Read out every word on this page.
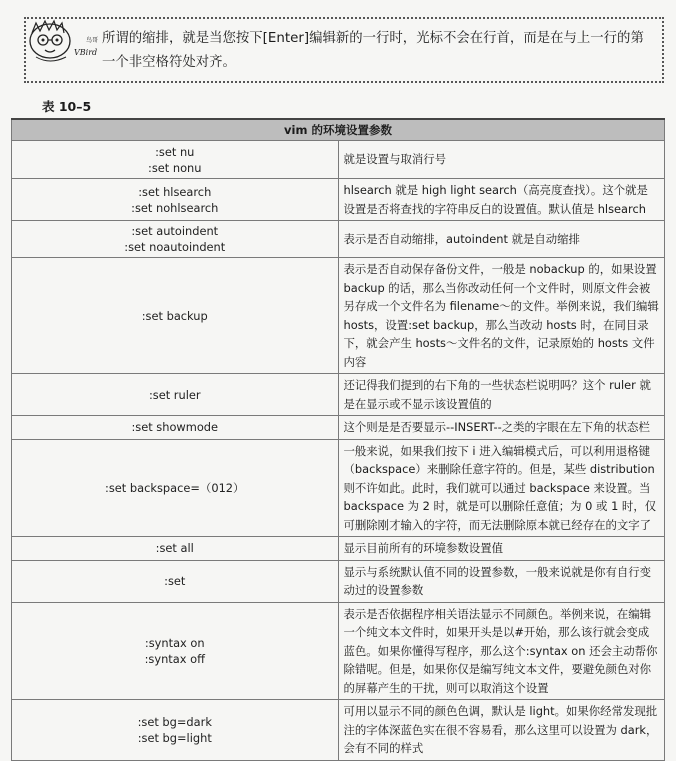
鸟哥
VBird
所谓的缩排，就是当您按下[Enter]编辑新的一行时，光标不会在行首，而是在与上一行的第一个非空格符处对齐。
表 10–5
vim 的环境设置参数	

:set nu
:set nonu	就是设置与取消行号

:set hlsearch
:set nohlsearch	hlsearch 就是 high light search（高亮度查找）。这个就是设置是否将查找的字符串反白的设置值。默认值是 hlsearch

:set autoindent
:set noautoindent	表示是否自动缩排，autoindent 就是自动缩排

:set backup	表示是否自动保存备份文件，一般是 nobackup 的，如果设置 backup 的话，那么当你改动任何一个文件时，则原文件会被另存成一个文件名为 filename～的文件。举例来说，我们编辑 hosts，设置:set backup，那么当改动 hosts 时，在同目录下，就会产生 hosts～文件名的文件，记录原始的 hosts 文件内容

:set ruler	还记得我们提到的右下角的一些状态栏说明吗？这个 ruler 就是在显示或不显示该设置值的

:set showmode	这个则是是否要显示--INSERT--之类的字眼在左下角的状态栏

:set backspace=（012）	一般来说，如果我们按下 i 进入编辑模式后，可以利用退格键（backspace）来删除任意字符的。但是，某些 distribution 则不许如此。此时，我们就可以通过 backspace 来设置。当 backspace 为 2 时，就是可以删除任意值；为 0 或 1 时，仅可删除刚才输入的字符，而无法删除原本就已经存在的文字了

:set all	显示目前所有的环境参数设置值

:set	显示与系统默认值不同的设置参数，一般来说就是你有自行变动过的设置参数

:syntax on
:syntax off	表示是否依据程序相关语法显示不同颜色。举例来说，在编辑一个纯文本文件时，如果开头是以#开始，那么该行就会变成蓝色。如果你懂得写程序，那么这个:syntax on 还会主动帮你除错呢。但是，如果你仅是编写纯文本文件，要避免颜色对你的屏幕产生的干扰，则可以取消这个设置

:set bg=dark
:set bg=light	可用以显示不同的颜色色调，默认是 light。如果你经常发现批注的字体深蓝色实在很不容易看，那么这里可以设置为 dark，会有不同的样式
